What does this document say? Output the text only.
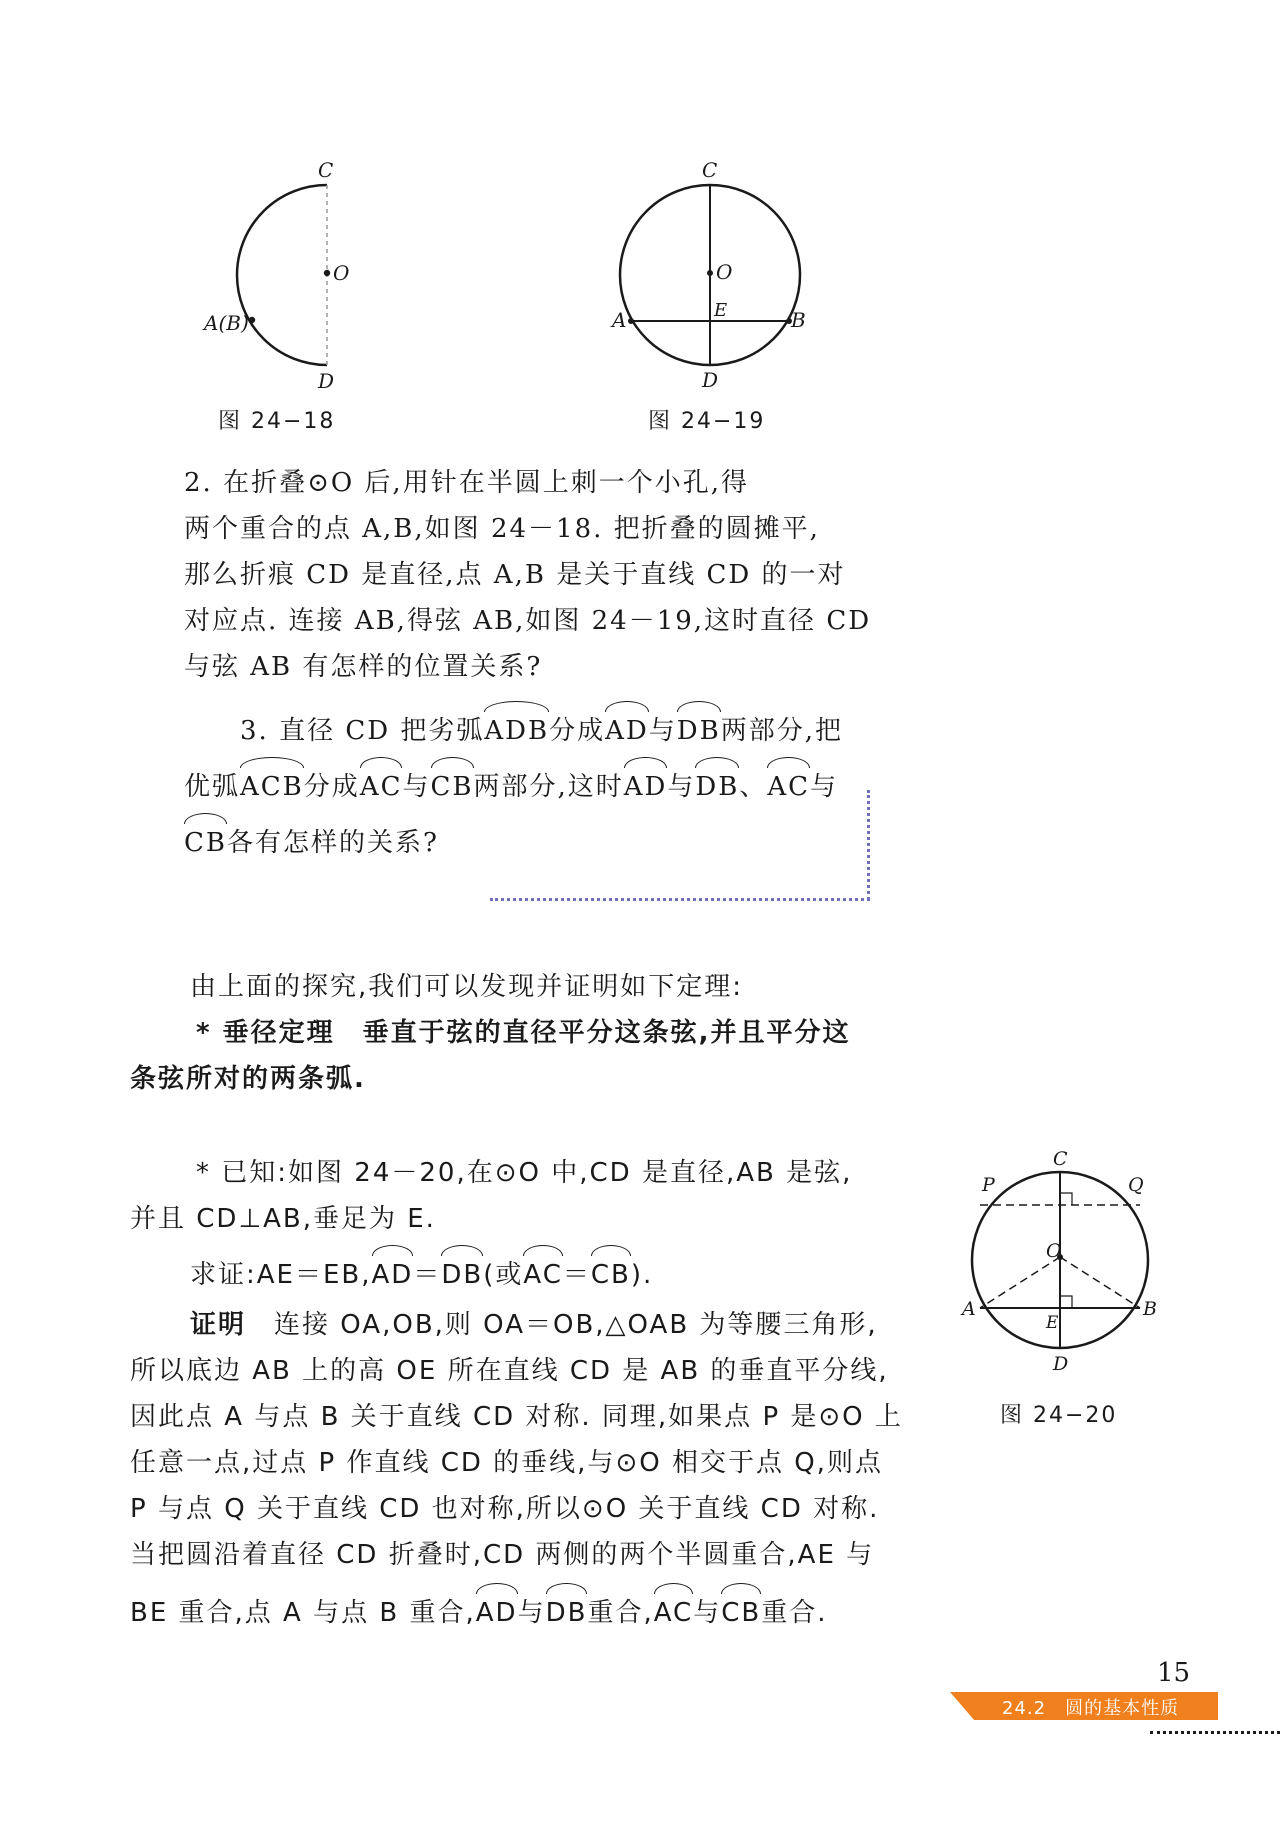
C
O
A(B)
D
图 24−18
C
O
E
A	B
D
图 24−19
2. 在折叠⊙O 后,用针在半圆上刺一个小孔,得
两个重合的点 A,B,如图 24－18. 把折叠的圆摊平,
那么折痕 CD 是直径,点 A,B 是关于直线 CD 的一对
对应点. 连接 AB,得弦 AB,如图 24－19,这时直径 CD
与弦 AB 有怎样的位置关系?
3. 直径 CD 把劣弧ADB分成AD与DB两部分,把
优弧ACB分成AC与CB两部分,这时AD与DB、AC与
CB各有怎样的关系?
由上面的探究,我们可以发现并证明如下定理:
* 垂径定理　垂直于弦的直径平分这条弦,并且平分这
条弦所对的两条弧.
* 已知:如图 24－20,在⊙O 中,CD 是直径,AB 是弦,
并且 CD⊥AB,垂足为 E.
求证:AE＝EB,AD＝DB(或AC＝CB).
证明　 连接 OA,OB,则 OA＝OB,△OAB 为等腰三角形,
所以底边 AB 上的高 OE 所在直线 CD 是 AB 的垂直平分线,
因此点 A 与点 B 关于直线 CD 对称. 同理,如果点 P 是⊙O 上
任意一点,过点 P 作直线 CD 的垂线,与⊙O 相交于点 Q,则点
P 与点 Q 关于直线 CD 也对称,所以⊙O 关于直线 CD 对称.
当把圆沿着直径 CD 折叠时,CD 两侧的两个半圆重合,AE 与
BE 重合,点 A 与点 B 重合,AD与DB重合,AC与CB重合.
C
P	Q
O
A	B
E
D
图 24−20
15
24.2　圆的基本性质
